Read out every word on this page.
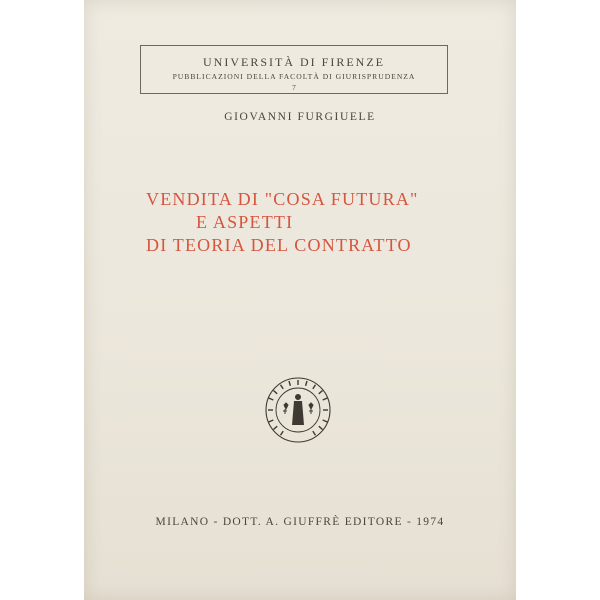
UNIVERSITÀ DI FIRENZE
PUBBLICAZIONI DELLA FACOLTÀ DI GIURISPRUDENZA
7
GIOVANNI FURGIUELE
VENDITA DI "COSA FUTURA"
E ASPETTI
DI TEORIA DEL CONTRATTO
MILANO - DOTT. A. GIUFFRÈ EDITORE - 1974
